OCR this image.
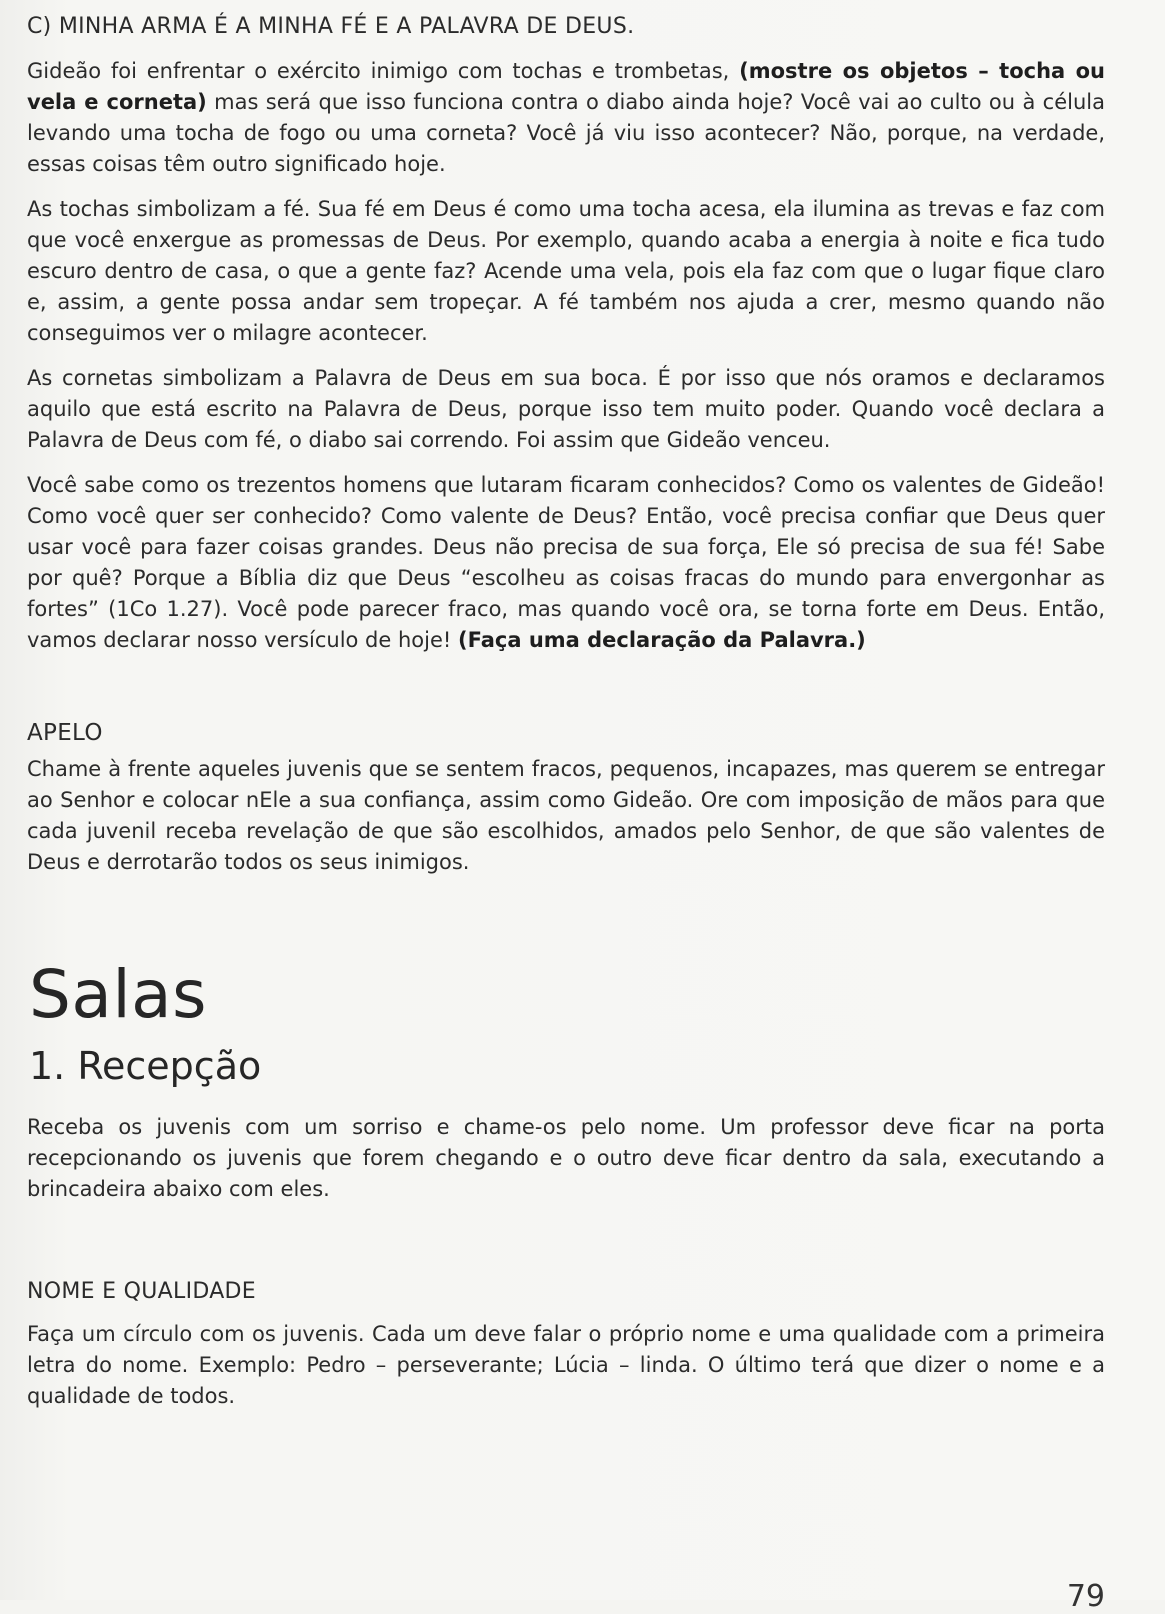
C) MINHA ARMA É A MINHA FÉ E A PALAVRA DE DEUS.

Gideão foi enfrentar o exército inimigo com tochas e trombetas, (mostre os objetos – tocha ou vela e corneta) mas será que isso funciona contra o diabo ainda hoje? Você vai ao culto ou à célula levando uma tocha de fogo ou uma corneta? Você já viu isso acontecer? Não, porque, na verdade, essas coisas têm outro significado hoje.

As tochas simbolizam a fé. Sua fé em Deus é como uma tocha acesa, ela ilumina as trevas e faz com que você enxergue as promessas de Deus. Por exemplo, quando acaba a energia à noite e fica tudo escuro dentro de casa, o que a gente faz? Acende uma vela, pois ela faz com que o lugar fique claro e, assim, a gente possa andar sem tropeçar. A fé também nos ajuda a crer, mesmo quando não conseguimos ver o milagre acontecer.

As cornetas simbolizam a Palavra de Deus em sua boca. É por isso que nós oramos e declaramos aquilo que está escrito na Palavra de Deus, porque isso tem muito poder. Quando você declara a Palavra de Deus com fé, o diabo sai correndo. Foi assim que Gideão venceu.

Você sabe como os trezentos homens que lutaram ficaram conhecidos? Como os valentes de Gideão! Como você quer ser conhecido? Como valente de Deus? Então, você precisa confiar que Deus quer usar você para fazer coisas grandes. Deus não precisa de sua força, Ele só precisa de sua fé! Sabe por quê? Porque a Bíblia diz que Deus “escolheu as coisas fracas do mundo para envergonhar as fortes” (1Co 1.27). Você pode parecer fraco, mas quando você ora, se torna forte em Deus. Então, vamos declarar nosso versículo de hoje! (Faça uma declaração da Palavra.)

APELO

Chame à frente aqueles juvenis que se sentem fracos, pequenos, incapazes, mas querem se entregar ao Senhor e colocar nEle a sua confiança, assim como Gideão. Ore com imposição de mãos para que cada juvenil receba revelação de que são escolhidos, amados pelo Senhor, de que são valentes de Deus e derrotarão todos os seus inimigos.

Salas
1. Recepção

Receba os juvenis com um sorriso e chame-os pelo nome. Um professor deve ficar na porta recepcionando os juvenis que forem chegando e o outro deve ficar dentro da sala, executando a brincadeira abaixo com eles.

NOME E QUALIDADE

Faça um círculo com os juvenis. Cada um deve falar o próprio nome e uma qualidade com a primeira letra do nome. Exemplo: Pedro – perseverante; Lúcia – linda. O último terá que dizer o nome e a qualidade de todos.

79
